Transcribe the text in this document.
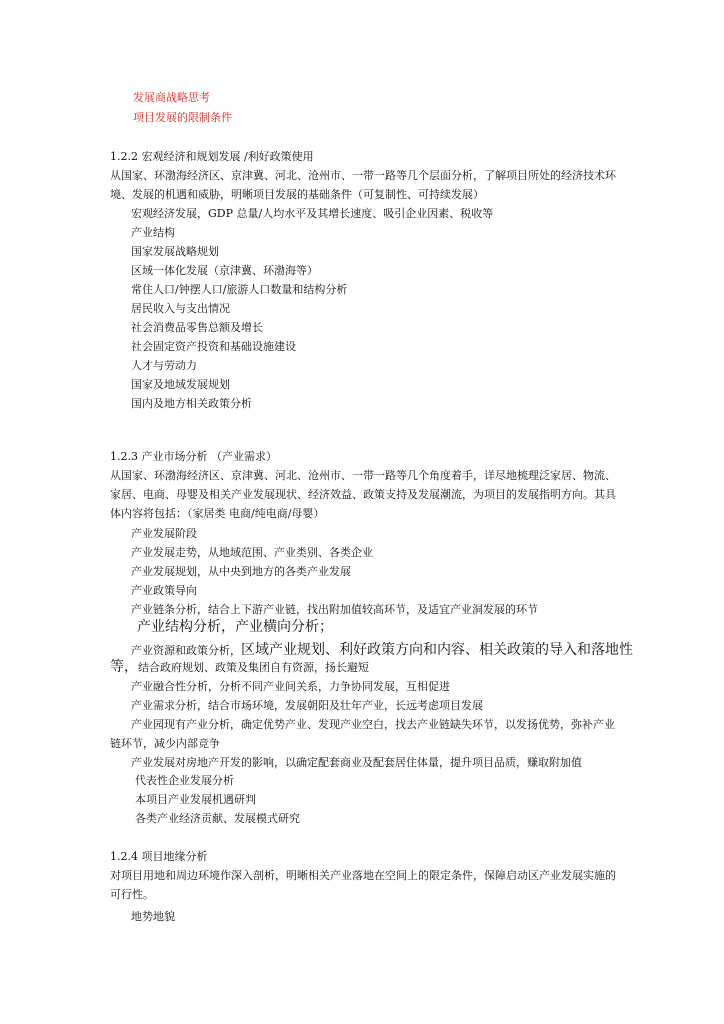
发展商战略思考
项目发展的限制条件
1.2.2 宏观经济和规划发展 /利好政策使用
从国家、环渤海经济区、京津冀、河北、沧州市、一带一路等几个层面分析，了解项目所处的经济技术环
境、发展的机遇和威胁，明晰项目发展的基础条件（可复制性、可持续发展）
宏观经济发展，GDP 总量/人均水平及其增长速度、吸引企业因素、税收等
产业结构
国家发展战略规划
区域一体化发展（京津冀、环渤海等）
常住人口/钟摆人口/旅游人口数量和结构分析
居民收入与支出情况
社会消费品零售总额及增长
社会固定资产投资和基础设施建设
人才与劳动力
国家及地域发展规划
国内及地方相关政策分析
1.2.3 产业市场分析 （产业需求）
从国家、环渤海经济区、京津冀、河北、沧州市、一带一路等几个角度着手，详尽地梳理泛家居、物流、
家居、电商、母婴及相关产业发展现状、经济效益、政策支持及发展潮流，为项目的发展指明方向。其具
体内容将包括：（家居类 电商/纯电商/母婴）
产业发展阶段
产业发展走势，从地域范围、产业类别、各类企业
产业发展规划，从中央到地方的各类产业发展
产业政策导向
产业链条分析，结合上下游产业链，找出附加值较高环节，及适宜产业洞发展的环节
产业结构分析，产业横向分析；
产业资源和政策分析，区域产业规划、利好政策方向和内容、相关政策的导入和落地性
等，结合政府规划、政策及集团自有资源，扬长避短
产业融合性分析，分析不同产业间关系，力争协同发展，互相促进
产业需求分析，结合市场环境，发展朝阳及壮年产业，长远考虑项目发展
产业园现有产业分析，确定优势产业、发现产业空白，找去产业链缺失环节，以发扬优势，弥补产业
链环节，减少内部竞争
产业发展对房地产开发的影响，以确定配套商业及配套居住体量，提升项目品质，赚取附加值
代表性企业发展分析
本项目产业发展机遇研判
各类产业经济贡献、发展模式研究
1.2.4 项目地缘分析
对项目用地和周边环境作深入剖析，明晰相关产业落地在空间上的限定条件，保障启动区产业发展实施的
可行性。
地势地貌
